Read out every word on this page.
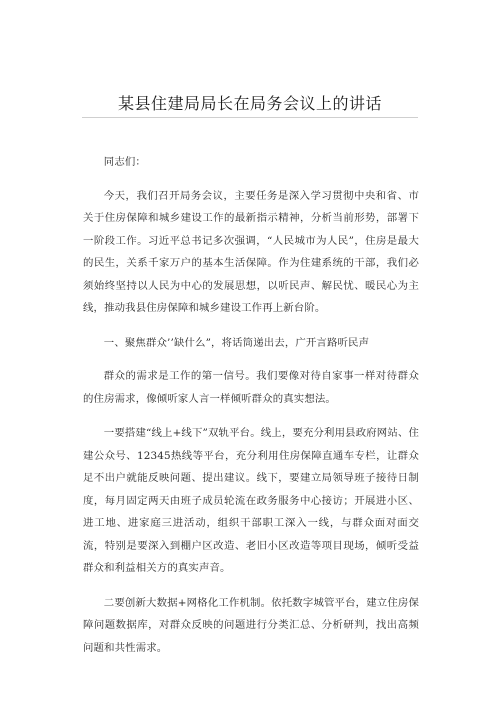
某县住建局局长在局务会议上的讲话

同志们：

今天，我们召开局务会议，主要任务是深入学习贯彻中央和省、市关于住房保障和城乡建设工作的最新指示精神，分析当前形势，部署下一阶段工作。习近平总书记多次强调，“人民城市为人民”，住房是最大的民生，关系千家万户的基本生活保障。作为住建系统的干部，我们必须始终坚持以人民为中心的发展思想，以听民声、解民忧、暖民心为主线，推动我县住房保障和城乡建设工作再上新台阶。

一、聚焦群众’’缺什么”，将话筒递出去，广开言路听民声

群众的需求是工作的第一信号。我们要像对待自家事一样对待群众的住房需求，像倾听家人言一样倾听群众的真实想法。

一要搭建“线上+线下”双轨平台。线上，要充分利用县政府网站、住建公众号、12345热线等平台，充分利用住房保障直通车专栏，让群众足不出户就能反映问题、提出建议。线下，要建立局领导班子接待日制度，每月固定两天由班子成员轮流在政务服务中心接访；开展进小区、进工地、进家庭三进活动，组织干部职工深入一线，与群众面对面交流，特别是要深入到棚户区改造、老旧小区改造等项目现场，倾听受益群众和利益相关方的真实声音。

二要创新大数据+网格化工作机制。依托数字城管平台，建立住房保障问题数据库，对群众反映的问题进行分类汇总、分析研判，找出高频问题和共性需求。
